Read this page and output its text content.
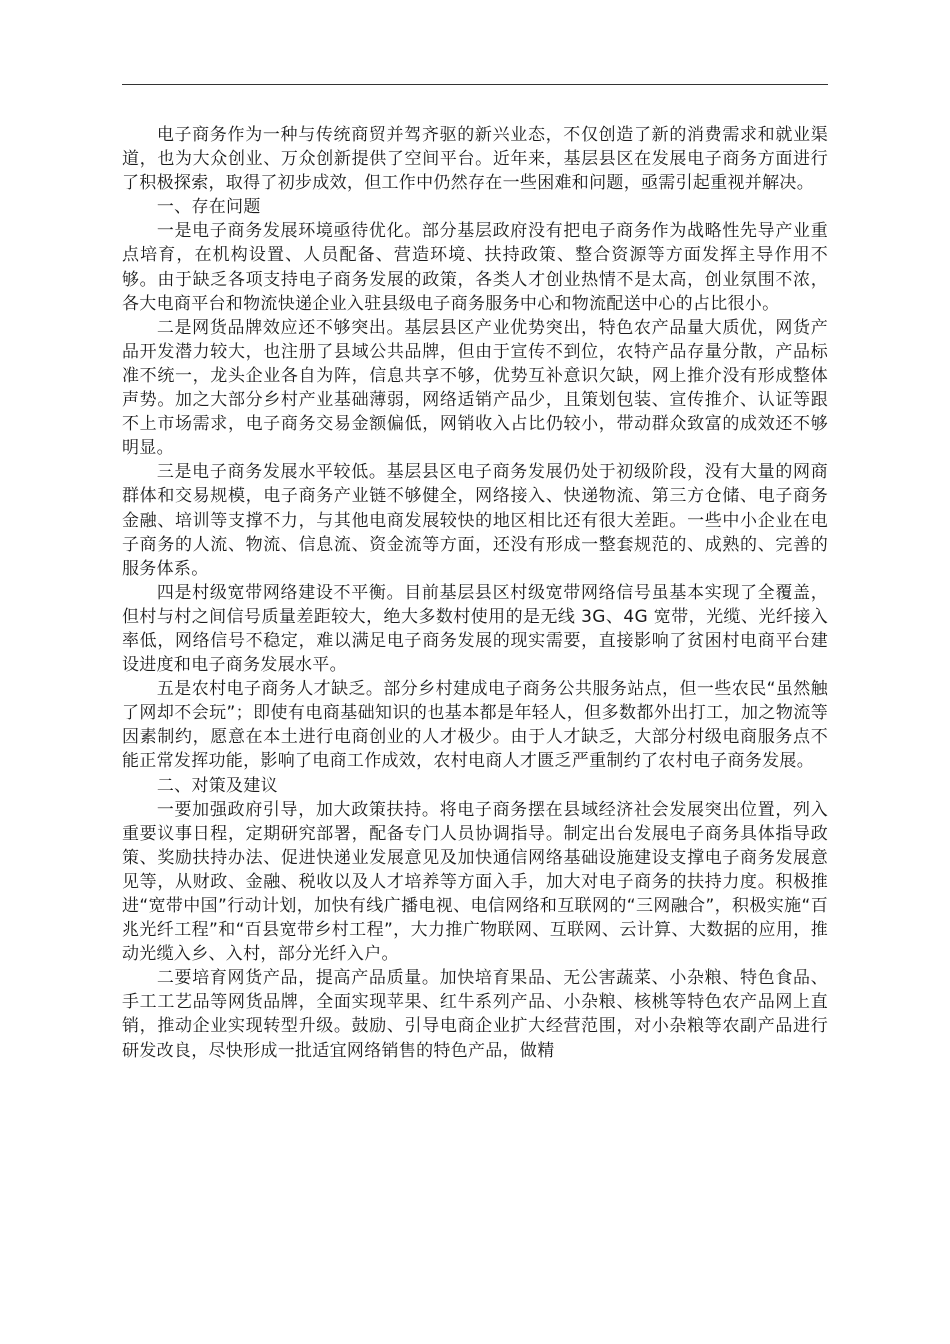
电子商务作为一种与传统商贸并驾齐驱的新兴业态，不仅创造了新的消费需求和就业渠道，也为大众创业、万众创新提供了空间平台。近年来，基层县区在发展电子商务方面进行了积极探索，取得了初步成效，但工作中仍然存在一些困难和问题，亟需引起重视并解决。

一、存在问题

一是电子商务发展环境亟待优化。部分基层政府没有把电子商务作为战略性先导产业重点培育，在机构设置、人员配备、营造环境、扶持政策、整合资源等方面发挥主导作用不够。由于缺乏各项支持电子商务发展的政策，各类人才创业热情不是太高，创业氛围不浓，各大电商平台和物流快递企业入驻县级电子商务服务中心和物流配送中心的占比很小。

二是网货品牌效应还不够突出。基层县区产业优势突出，特色农产品量大质优，网货产品开发潜力较大，也注册了县域公共品牌，但由于宣传不到位，农特产品存量分散，产品标准不统一，龙头企业各自为阵，信息共享不够，优势互补意识欠缺，网上推介没有形成整体声势。加之大部分乡村产业基础薄弱，网络适销产品少，且策划包装、宣传推介、认证等跟不上市场需求，电子商务交易金额偏低，网销收入占比仍较小，带动群众致富的成效还不够明显。

三是电子商务发展水平较低。基层县区电子商务发展仍处于初级阶段，没有大量的网商群体和交易规模，电子商务产业链不够健全，网络接入、快递物流、第三方仓储、电子商务金融、培训等支撑不力，与其他电商发展较快的地区相比还有很大差距。一些中小企业在电子商务的人流、物流、信息流、资金流等方面，还没有形成一整套规范的、成熟的、完善的服务体系。

四是村级宽带网络建设不平衡。目前基层县区村级宽带网络信号虽基本实现了全覆盖，但村与村之间信号质量差距较大，绝大多数村使用的是无线 3G、4G 宽带，光缆、光纤接入率低，网络信号不稳定，难以满足电子商务发展的现实需要，直接影响了贫困村电商平台建设进度和电子商务发展水平。

五是农村电子商务人才缺乏。部分乡村建成电子商务公共服务站点，但一些农民“虽然触了网却不会玩”；即使有电商基础知识的也基本都是年轻人，但多数都外出打工，加之物流等因素制约，愿意在本土进行电商创业的人才极少。由于人才缺乏，大部分村级电商服务点不能正常发挥功能，影响了电商工作成效，农村电商人才匮乏严重制约了农村电子商务发展。

二、对策及建议

一要加强政府引导，加大政策扶持。将电子商务摆在县域经济社会发展突出位置，列入重要议事日程，定期研究部署，配备专门人员协调指导。制定出台发展电子商务具体指导政策、奖励扶持办法、促进快递业发展意见及加快通信网络基础设施建设支撑电子商务发展意见等，从财政、金融、税收以及人才培养等方面入手，加大对电子商务的扶持力度。积极推进“宽带中国”行动计划，加快有线广播电视、电信网络和互联网的“三网融合”，积极实施“百兆光纤工程”和“百县宽带乡村工程”，大力推广物联网、互联网、云计算、大数据的应用，推动光缆入乡、入村，部分光纤入户。

二要培育网货产品，提高产品质量。加快培育果品、无公害蔬菜、小杂粮、特色食品、手工工艺品等网货品牌，全面实现苹果、红牛系列产品、小杂粮、核桃等特色农产品网上直销，推动企业实现转型升级。鼓励、引导电商企业扩大经营范围，对小杂粮等农副产品进行研发改良，尽快形成一批适宜网络销售的特色产品，做精
